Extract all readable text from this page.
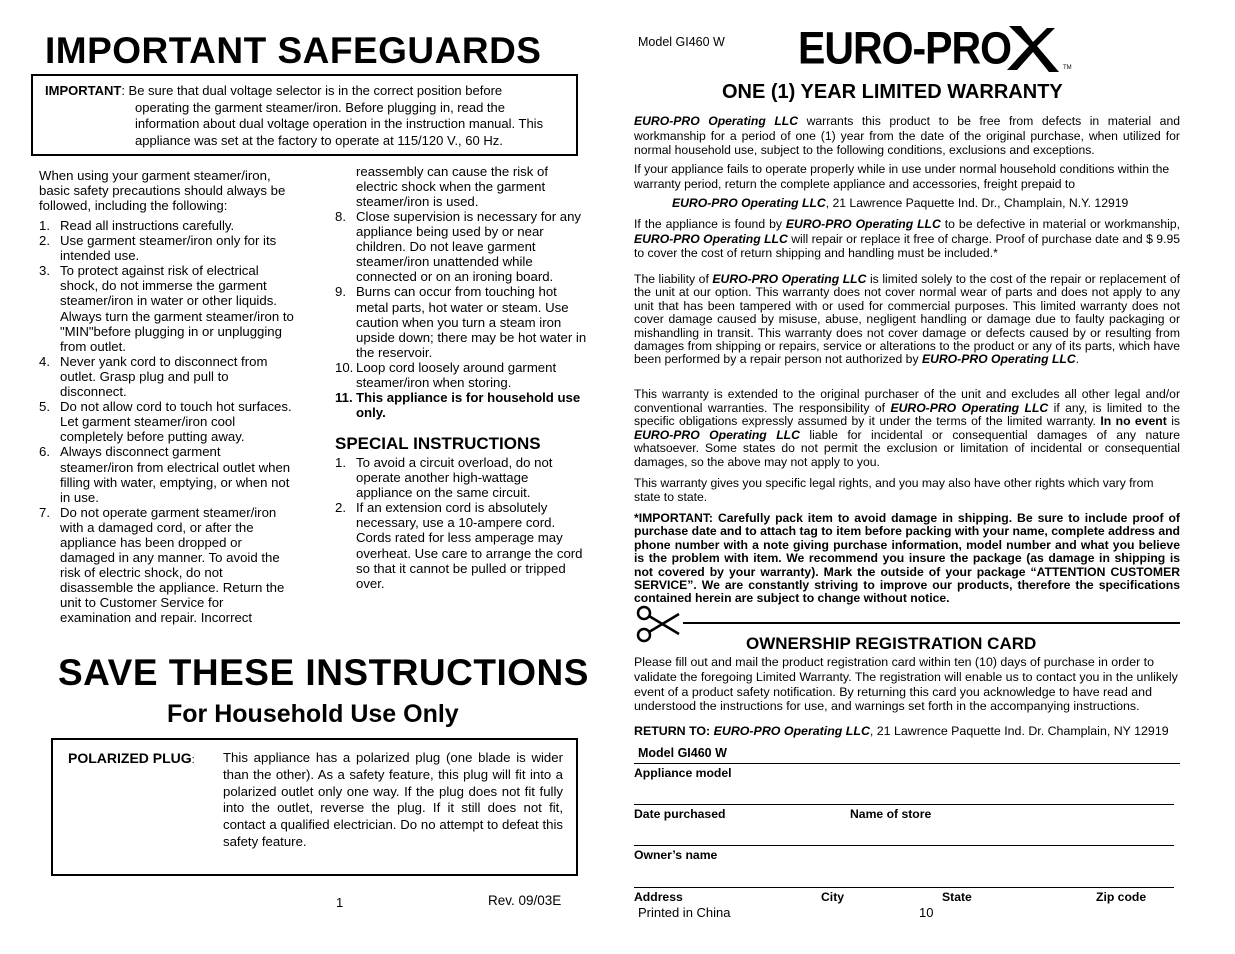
IMPORTANT SAFEGUARDS
IMPORTANT: Be sure that dual voltage selector is in the correct position before
operating the garment steamer/iron. Before plugging in, read the information about dual voltage operation in the instruction manual. This appliance was set at the factory to operate at 115/120 V., 60 Hz.
When using your garment steamer/iron, basic safety precautions should always be followed, including the following:
1. Read all instructions carefully.
2. Use garment steamer/iron only for its intended use.
3. To protect against risk of electrical shock, do not immerse the garment steamer/iron in water or other liquids. Always turn the garment steamer/iron to "MIN"before plugging in or unplugging from outlet.
4. Never yank cord to disconnect from outlet. Grasp plug and pull to disconnect.
5. Do not allow cord to touch hot surfaces. Let garment steamer/iron cool completely before putting away.
6. Always disconnect garment steamer/iron from electrical outlet when filling with water, emptying, or when not in use.
7. Do not operate garment steamer/iron with a damaged cord, or after the appliance has been dropped or damaged in any manner. To avoid the risk of electric shock, do not disassemble the appliance. Return the unit to Customer Service for examination and repair. Incorrect
reassembly can cause the risk of electric shock when the garment steamer/iron is used.
8. Close supervision is necessary for any appliance being used by or near children. Do not leave garment steamer/iron unattended while connected or on an ironing board.
9. Burns can occur from touching hot metal parts, hot water or steam. Use caution when you turn a steam iron upside down; there may be hot water in the reservoir.
10. Loop cord loosely around garment steamer/iron when storing.
11. This appliance is for household use only.
SPECIAL INSTRUCTIONS
1. To avoid a circuit overload, do not operate another high-wattage appliance on the same circuit.
2. If an extension cord is absolutely necessary, use a 10-ampere cord. Cords rated for less amperage may overheat. Use care to arrange the cord so that it cannot be pulled or tripped over.
SAVE THESE INSTRUCTIONS
For Household Use Only
POLARIZED PLUG: This appliance has a polarized plug (one blade is wider than the other). As a safety feature, this plug will fit into a polarized outlet only one way. If the plug does not fit fully into the outlet, reverse the plug. If it still does not fit, contact a qualified electrician. Do no attempt to defeat this safety feature.
1	Rev. 09/03E
Model GI460 W EURO-PRO	TM
ONE (1) YEAR LIMITED WARRANTY
EURO-PRO Operating LLC warrants this product to be free from defects in material and workmanship for a period of one (1) year from the date of the original purchase, when utilized for normal household use, subject to the following conditions, exclusions and exceptions.
If your appliance fails to operate properly while in use under normal household conditions within the warranty period, return the complete appliance and accessories, freight prepaid to
EURO-PRO Operating LLC, 21 Lawrence Paquette Ind. Dr., Champlain, N.Y. 12919
If the appliance is found by EURO-PRO Operating LLC to be defective in material or workmanship, EURO-PRO Operating LLC will repair or replace it free of charge. Proof of purchase date and $ 9.95 to cover the cost of return shipping and handling must be included.*
The liability of EURO-PRO Operating LLC is limited solely to the cost of the repair or replacement of the unit at our option. This warranty does not cover normal wear of parts and does not apply to any unit that has been tampered with or used for commercial purposes. This limited warranty does not cover damage caused by misuse, abuse, negligent handling or damage due to faulty packaging or mishandling in transit. This warranty does not cover damage or defects caused by or resulting from damages from shipping or repairs, service or alterations to the product or any of its parts, which have been performed by a repair person not authorized by EURO-PRO Operating LLC.
This warranty is extended to the original purchaser of the unit and excludes all other legal and/or conventional warranties. The responsibility of EURO-PRO Operating LLC if any, is limited to the specific obligations expressly assumed by it under the terms of the limited warranty. In no event is EURO-PRO Operating LLC liable for incidental or consequential damages of any nature whatsoever. Some states do not permit the exclusion or limitation of incidental or consequential damages, so the above may not apply to you.
This warranty gives you specific legal rights, and you may also have other rights which vary from state to state.
*IMPORTANT: Carefully pack item to avoid damage in shipping. Be sure to include proof of purchase date and to attach tag to item before packing with your name, complete address and phone number with a note giving purchase information, model number and what you believe is the problem with item. We recommend you insure the package (as damage in shipping is not covered by your warranty). Mark the outside of your package “ATTENTION CUSTOMER SERVICE”. We are constantly striving to improve our products, therefore the specifications contained herein are subject to change without notice.
OWNERSHIP REGISTRATION CARD
Please fill out and mail the product registration card within ten (10) days of purchase in order to validate the foregoing Limited Warranty. The registration will enable us to contact you in the unlikely event of a product safety notification. By returning this card you acknowledge to have read and understood the instructions for use, and warnings set forth in the accompanying instructions.
RETURN TO: EURO-PRO Operating LLC, 21 Lawrence Paquette Ind. Dr. Champlain, NY 12919
Model GI460 W
Appliance model
Date purchased	Name of store
Owner’s name
Address	City	State	Zip code
Printed in China	10
